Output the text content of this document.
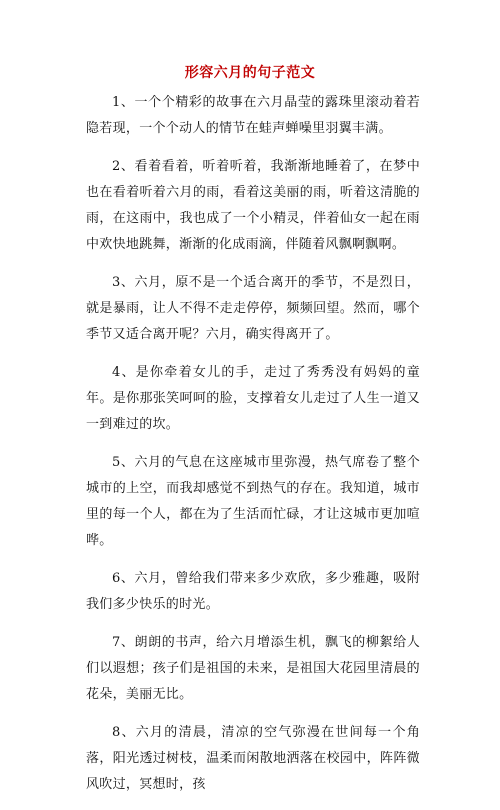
形容六月的句子范文

1、一个个精彩的故事在六月晶莹的露珠里滚动着若隐若现，一个个动人的情节在蛙声蝉噪里羽翼丰满。

2、看着看着，听着听着，我渐渐地睡着了，在梦中也在看着听着六月的雨，看着这美丽的雨，听着这清脆的雨，在这雨中，我也成了一个小精灵，伴着仙女一起在雨中欢快地跳舞，渐渐的化成雨滴，伴随着风飘啊飘啊。

3、六月，原不是一个适合离开的季节，不是烈日，就是暴雨，让人不得不走走停停，频频回望。然而，哪个季节又适合离开呢？六月，确实得离开了。

4、是你牵着女儿的手，走过了秀秀没有妈妈的童年。是你那张笑呵呵的脸，支撑着女儿走过了人生一道又一到难过的坎。

5、六月的气息在这座城市里弥漫，热气席卷了整个城市的上空，而我却感觉不到热气的存在。我知道，城市里的每一个人，都在为了生活而忙碌，才让这城市更加喧哗。

6、六月，曾给我们带来多少欢欣，多少雅趣，吸附我们多少快乐的时光。

7、朗朗的书声，给六月增添生机，飘飞的柳絮给人们以遐想；孩子们是祖国的未来，是祖国大花园里清晨的花朵，美丽无比。

8、六月的清晨，清凉的空气弥漫在世间每一个角落，阳光透过树枝，温柔而闲散地洒落在校园中，阵阵微风吹过，冥想时，孩
